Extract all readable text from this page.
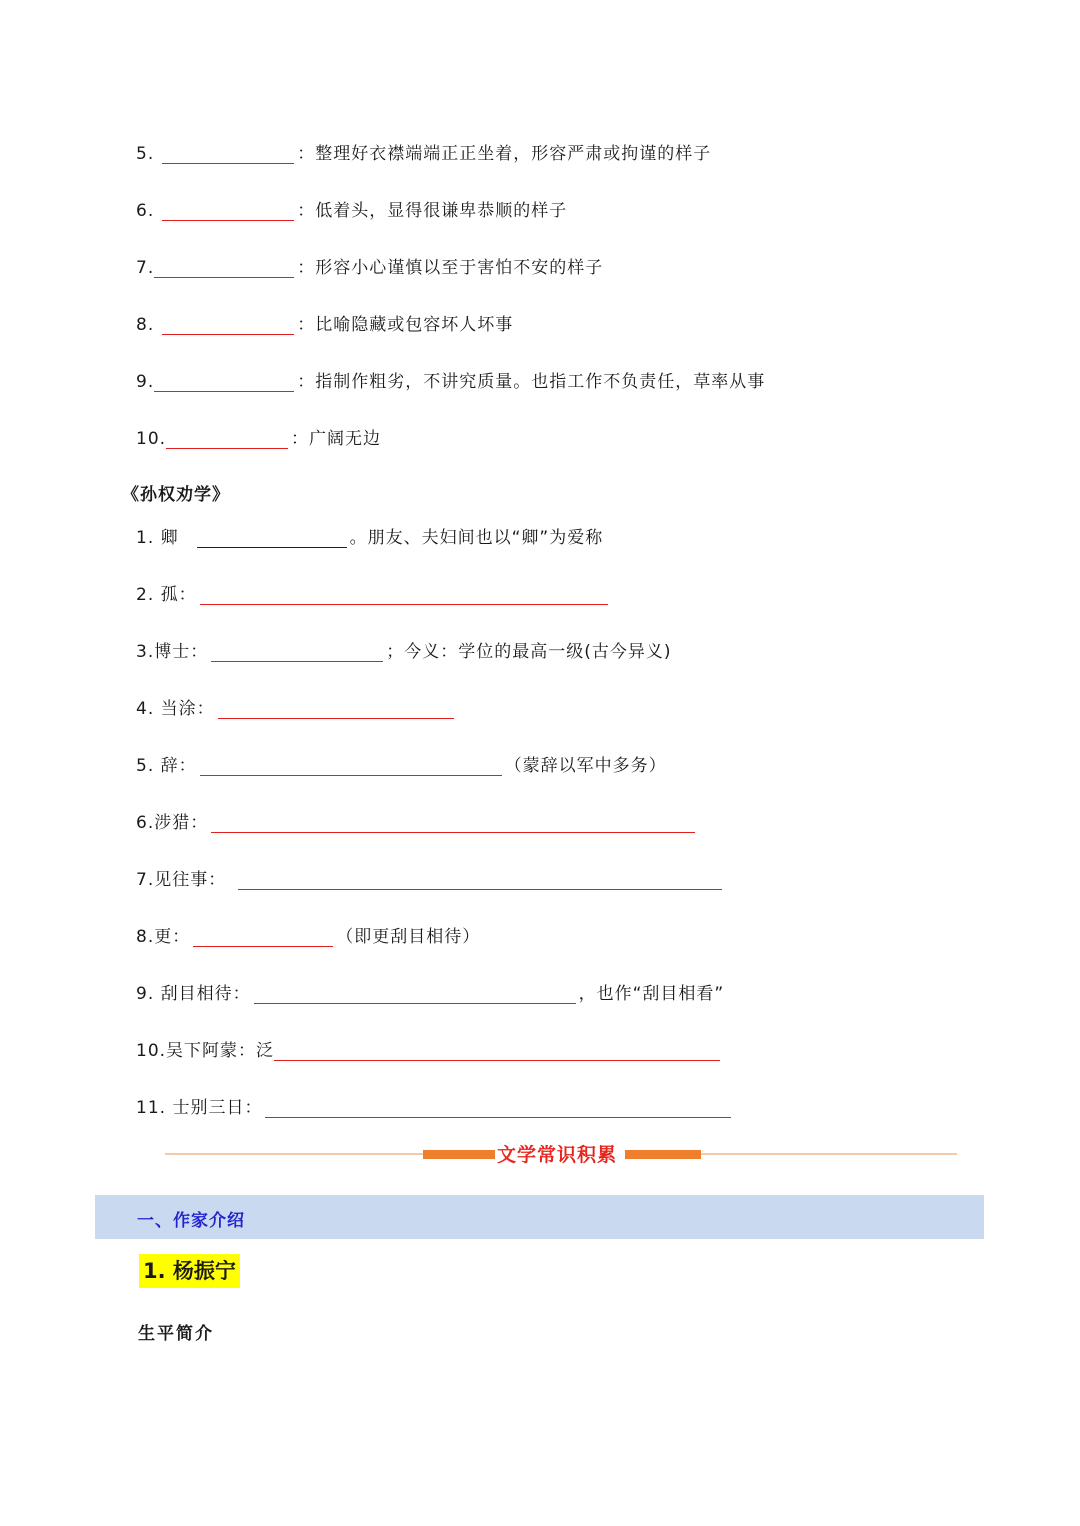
5.	：整理好衣襟端端正正坐着，形容严肃或拘谨的样子
6.	：低着头，显得很谦卑恭顺的样子
7.	：形容小心谨慎以至于害怕不安的样子
8.	：比喻隐藏或包容坏人坏事
9.	：指制作粗劣，不讲究质量。也指工作不负责任，草率从事
10.	：广阔无边
《孙权劝学》
1. 卿	。朋友、夫妇间也以“卿”为爱称
2. 孤：
3.博士：	；今义：学位的最高一级(古今异义)
4. 当涂：
5. 辞：	（蒙辞以军中多务）
6.涉猎：
7.见往事：
8.更：	（即更刮目相待）
9. 刮目相待：	，也作“刮目相看”
10.吴下阿蒙：泛
11. 士别三日：
文学常识积累
一、作家介绍
1. 杨振宁
生平简介
